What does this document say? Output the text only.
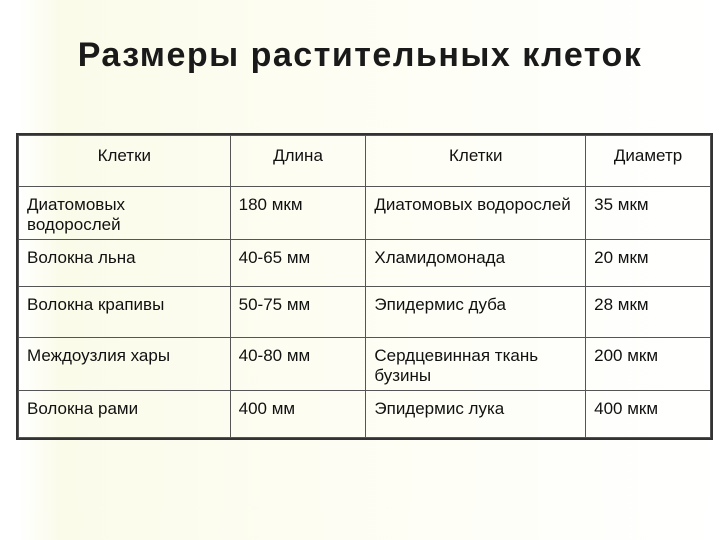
Размеры растительных клеток
Клетки	Длина	Клетки	Диаметр
Диатомовых водорослей	180 мкм	Диатомовых водорослей	35 мкм
Волокна льна	40-65 мм	Хламидомонада	20 мкм
Волокна крапивы	50-75 мм	Эпидермис дуба	28 мкм
Междоузлия хары	40-80 мм	Сердцевинная ткань бузины	200 мкм
Волокна рами	400 мм	Эпидермис лука	400 мкм
